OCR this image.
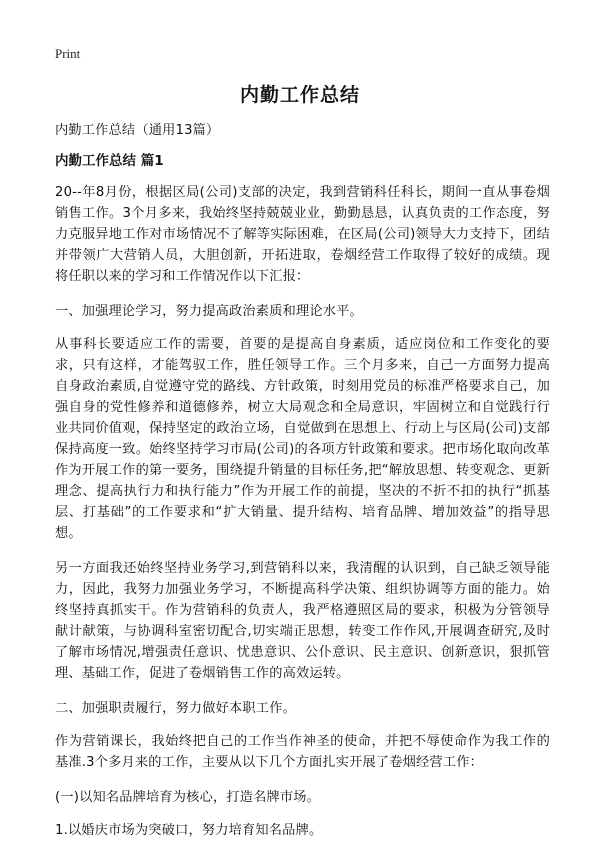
Print
内勤工作总结

内勤工作总结（通用13篇）

内勤工作总结 篇1

20--年8月份，根据区局(公司)支部的决定，我到营销科任科长，期间一直从事卷烟销售工作。3个月多来，我始终坚持兢兢业业，勤勤恳恳，认真负责的工作态度，努力克服异地工作对市场情况不了解等实际困难，在区局(公司)领导大力支持下，团结并带领广大营销人员，大胆创新，开拓进取，卷烟经营工作取得了较好的成绩。现将任职以来的学习和工作情况作以下汇报：

一、加强理论学习，努力提高政治素质和理论水平。

从事科长要适应工作的需要，首要的是提高自身素质，适应岗位和工作变化的要求，只有这样，才能驾驭工作，胜任领导工作。三个月多来，自己一方面努力提高自身政治素质,自觉遵守党的路线、方针政策，时刻用党员的标准严格要求自己，加强自身的党性修养和道德修养，树立大局观念和全局意识，牢固树立和自觉践行行业共同价值观，保持坚定的政治立场，自觉做到在思想上、行动上与区局(公司)支部保持高度一致。始终坚持学习市局(公司)的各项方针政策和要求。把市场化取向改革作为开展工作的第一要务，围绕提升销量的目标任务,把“解放思想、转变观念、更新理念、提高执行力和执行能力”作为开展工作的前提，坚决的不折不扣的执行“抓基层、打基础”的工作要求和“扩大销量、提升结构、培育品牌、增加效益”的指导思想。

另一方面我还始终坚持业务学习,到营销科以来，我清醒的认识到，自己缺乏领导能力，因此，我努力加强业务学习，不断提高科学决策、组织协调等方面的能力。始终坚持真抓实干。作为营销科的负责人，我严格遵照区局的要求，积极为分管领导献计献策，与协调科室密切配合,切实端正思想，转变工作作风,开展调查研究,及时了解市场情况,增强责任意识、忧患意识、公仆意识、民主意识、创新意识，狠抓管理、基础工作，促进了卷烟销售工作的高效运转。

二、加强职责履行，努力做好本职工作。

作为营销课长，我始终把自己的工作当作神圣的使命，并把不辱使命作为我工作的基准.3个多月来的工作，主要从以下几个方面扎实开展了卷烟经营工作：

(一)以知名品牌培育为核心，打造名牌市场。

1.以婚庆市场为突破口，努力培育知名品牌。
